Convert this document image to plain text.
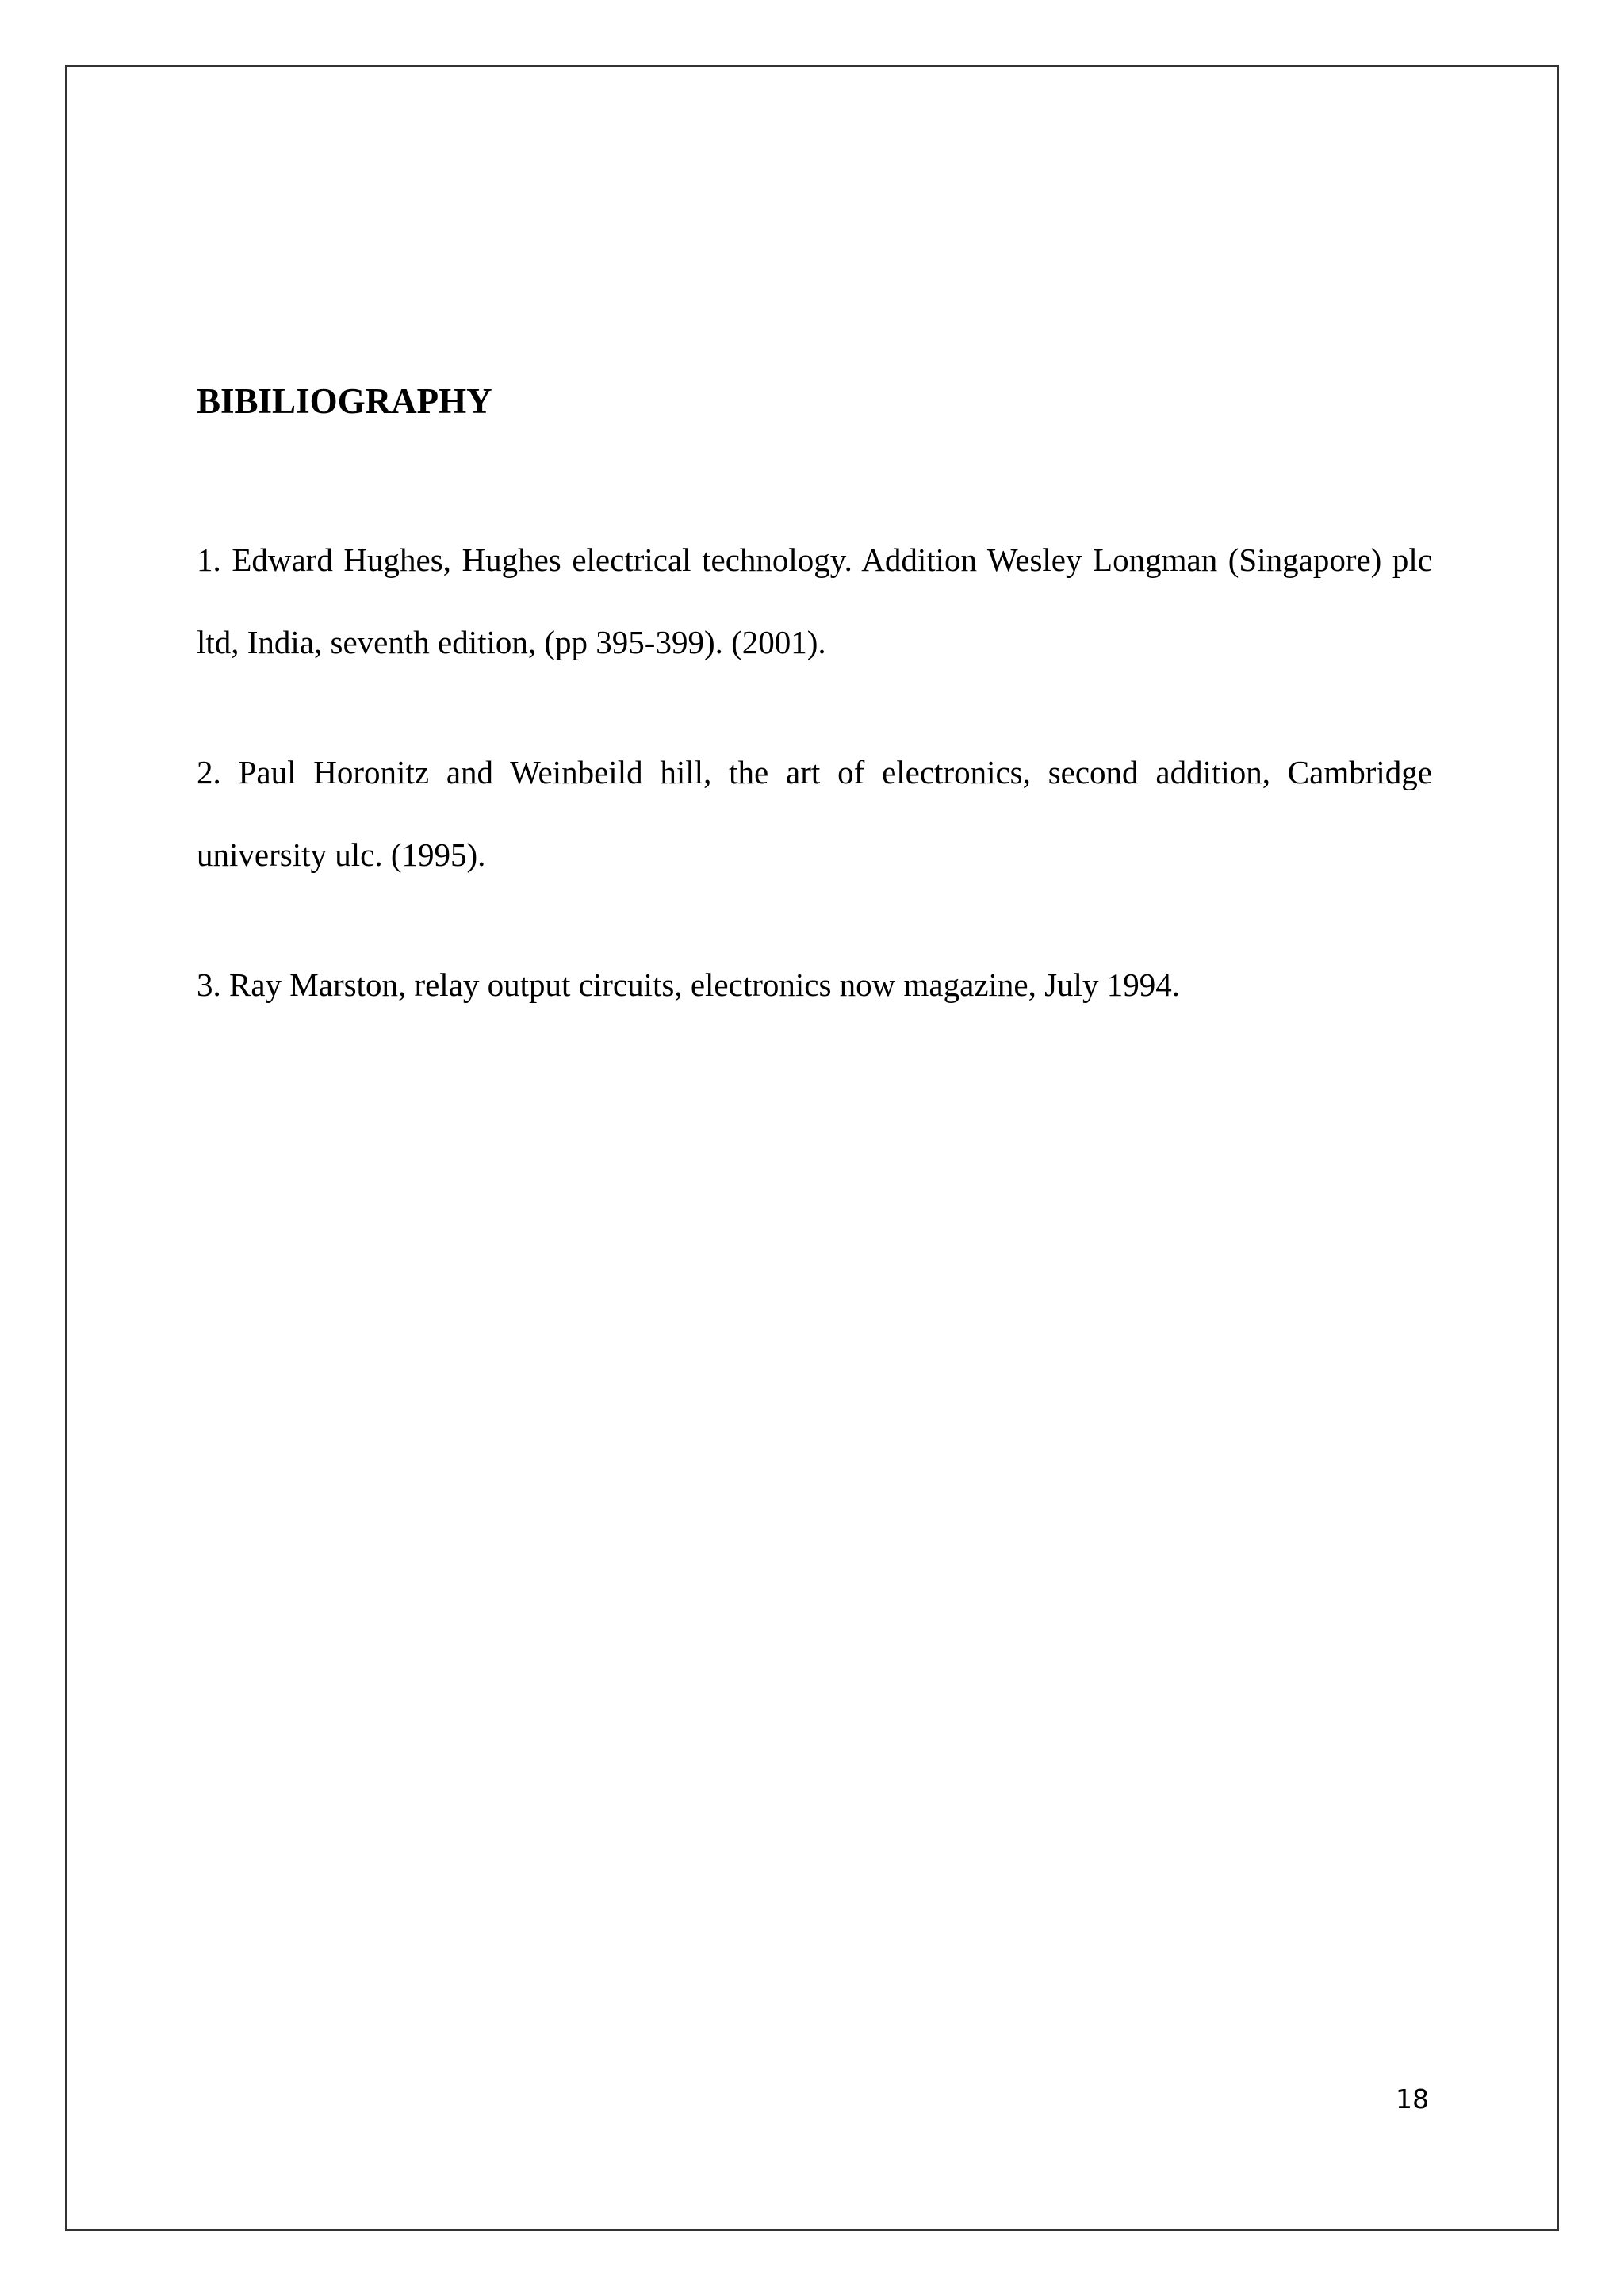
BIBILIOGRAPHY
1. Edward Hughes, Hughes electrical technology. Addition Wesley Longman (Singapore) plc ltd, India, seventh edition, (pp 395-399). (2001).
2. Paul Horonitz and Weinbeild hill, the art of electronics, second addition, Cambridge university ulc. (1995).
3. Ray Marston, relay output circuits, electronics now magazine, July 1994.
18
